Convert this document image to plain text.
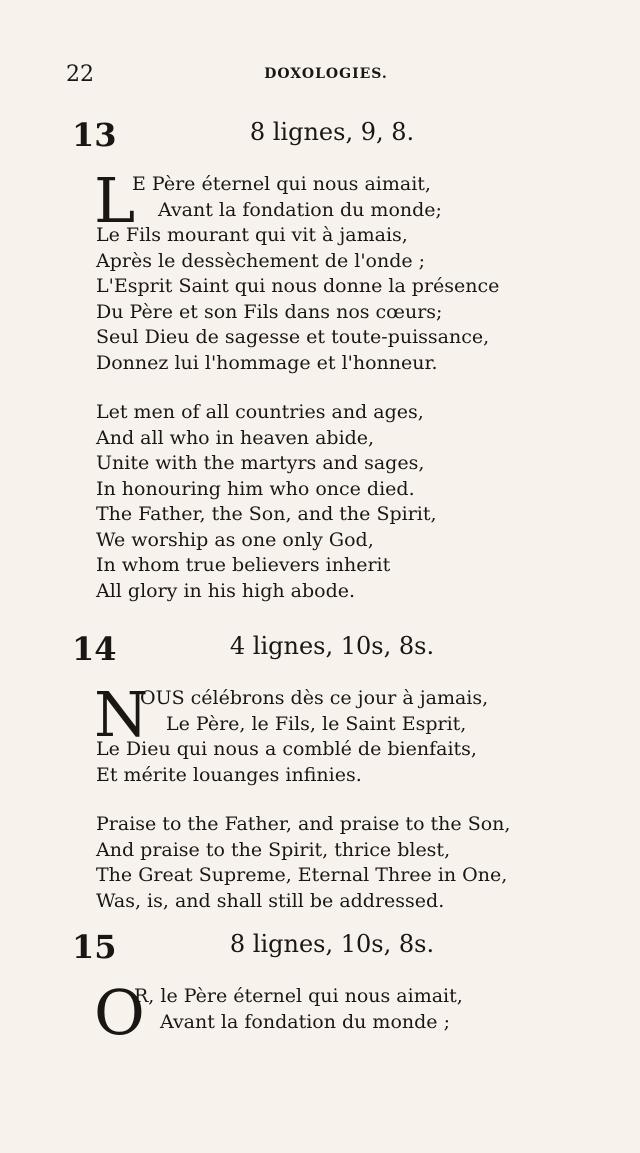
22	DOXOLOGIES.
13	8 lignes, 9, 8.
L
E Père éternel qui nous aimait,
Avant la fondation du monde;
Le Fils mourant qui vit à jamais,
Après le dessèchement de l'onde ;
L'Esprit Saint qui nous donne la présence
Du Père et son Fils dans nos cœurs;
Seul Dieu de sagesse et toute-puissance,
Donnez lui l'hommage et l'honneur.
Let men of all countries and ages,
And all who in heaven abide,
Unite with the martyrs and sages,
In honouring him who once died.
The Father, the Son, and the Spirit,
We worship as one only God,
In whom true believers inherit
All glory in his high abode.
14	4 lignes, 10s, 8s.
N
OUS célébrons dès ce jour à jamais,
Le Père, le Fils, le Saint Esprit,
Le Dieu qui nous a comblé de bienfaits,
Et mérite louanges infinies.
Praise to the Father, and praise to the Son,
And praise to the Spirit, thrice blest,
The Great Supreme, Eternal Three in One,
Was, is, and shall still be addressed.
15	8 lignes, 10s, 8s.
O
R, le Père éternel qui nous aimait,
Avant la fondation du monde ;
